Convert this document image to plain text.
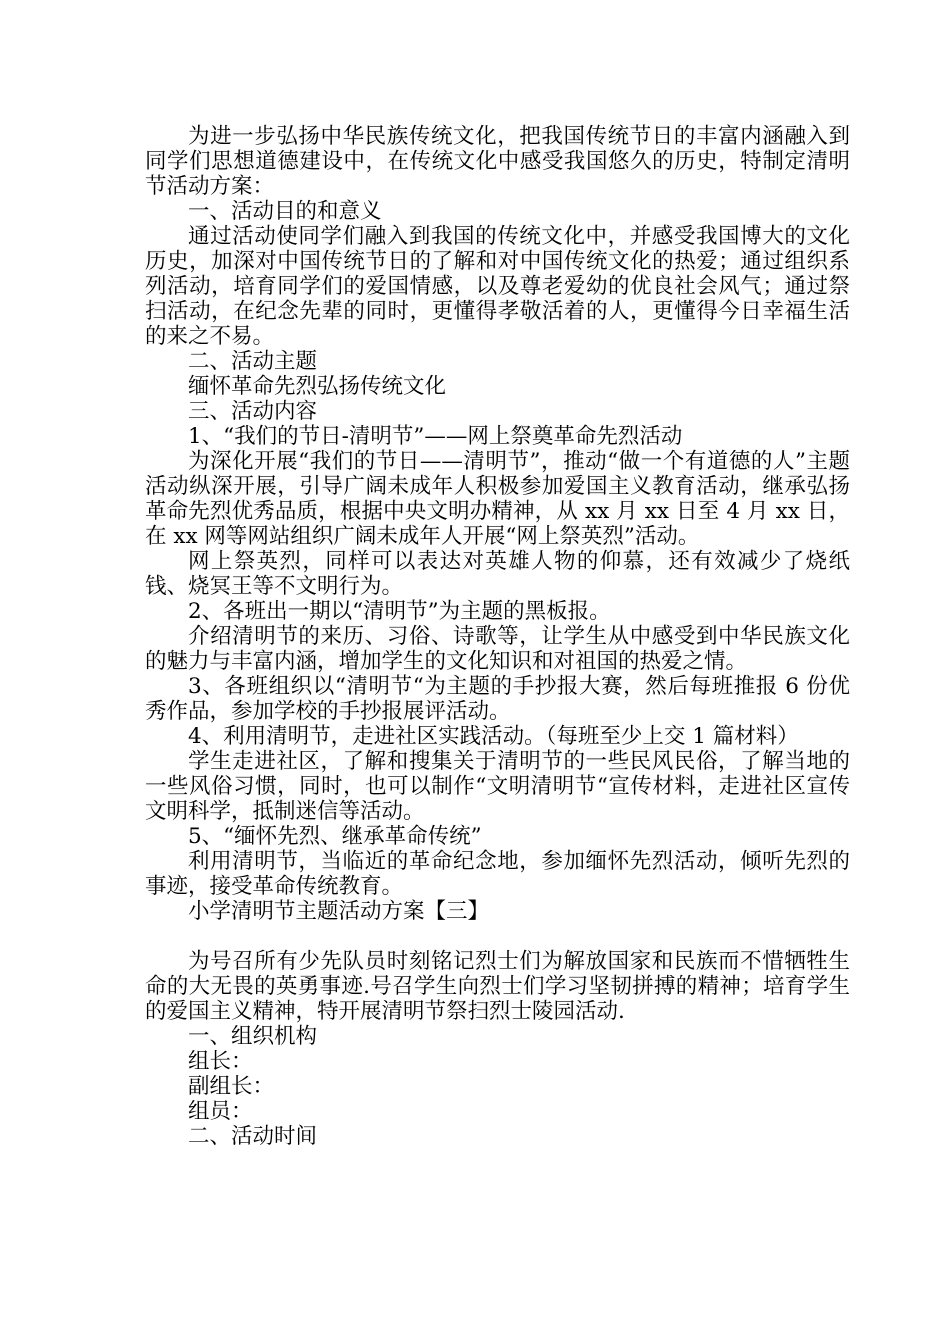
为进一步弘扬中华民族传统文化，把我国传统节日的丰富内涵融入到同学们思想道德建设中，在传统文化中感受我国悠久的历史，特制定清明节活动方案：

一、活动目的和意义

通过活动使同学们融入到我国的传统文化中，并感受我国博大的文化历史，加深对中国传统节日的了解和对中国传统文化的热爱；通过组织系列活动，培育同学们的爱国情感，以及尊老爱幼的优良社会风气；通过祭扫活动，在纪念先辈的同时，更懂得孝敬活着的人，更懂得今日幸福生活的来之不易。

二、活动主题

缅怀革命先烈弘扬传统文化

三、活动内容

1、“我们的节日-清明节”——网上祭奠革命先烈活动

为深化开展“我们的节日——清明节”，推动“做一个有道德的人”主题活动纵深开展，引导广阔未成年人积极参加爱国主义教育活动，继承弘扬革命先烈优秀品质，根据中央文明办精神，从 xx 月 xx 日至 4 月 xx 日，在 xx 网等网站组织广阔未成年人开展“网上祭英烈”活动。

网上祭英烈，同样可以表达对英雄人物的仰慕，还有效减少了烧纸钱、烧冥王等不文明行为。

2、各班出一期以“清明节”为主题的黑板报。

介绍清明节的来历、习俗、诗歌等，让学生从中感受到中华民族文化的魅力与丰富内涵，增加学生的文化知识和对祖国的热爱之情。

3、各班组织以“清明节“为主题的手抄报大赛，然后每班推报 6 份优秀作品，参加学校的手抄报展评活动。

4、利用清明节，走进社区实践活动。（每班至少上交 1 篇材料）

学生走进社区，了解和搜集关于清明节的一些民风民俗，了解当地的一些风俗习惯，同时，也可以制作“文明清明节“宣传材料，走进社区宣传文明科学，抵制迷信等活动。

5、“缅怀先烈、继承革命传统”

利用清明节，当临近的革命纪念地，参加缅怀先烈活动，倾听先烈的事迹，接受革命传统教育。

小学清明节主题活动方案【三】

为号召所有少先队员时刻铭记烈士们为解放国家和民族而不惜牺牲生命的大无畏的英勇事迹.号召学生向烈士们学习坚韧拼搏的精神；培育学生的爱国主义精神，特开展清明节祭扫烈士陵园活动.

一、组织机构

组长：

副组长：

组员：

二、活动时间
